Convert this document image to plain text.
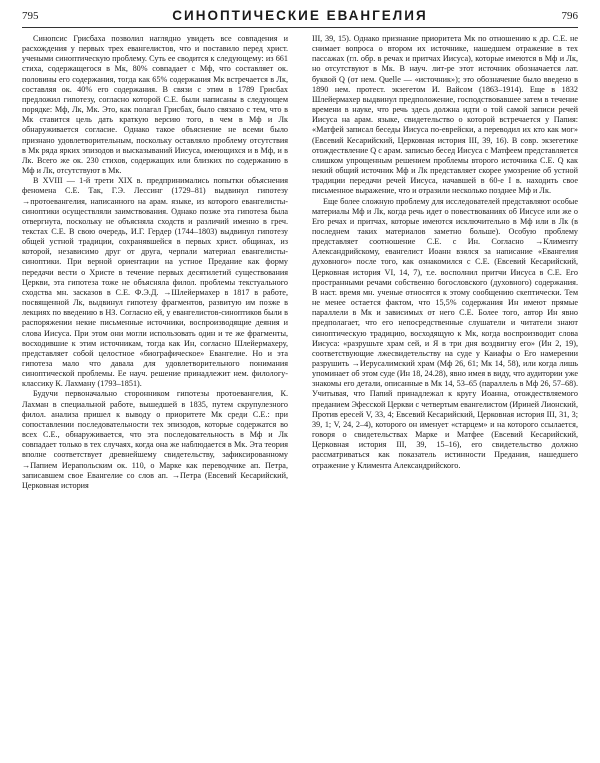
795	СИНОПТИЧЕСКИЕ ЕВАНГЕЛИЯ	796

Синопсис Грисбаха позволил наглядно увидеть все совпадения и расхождения у первых трех евангелистов, что и поставило перед христ. учеными синоптическую проблему. Суть ее сводится к следующему: из 661 стиха, содержащегося в Мк, 80% совпадает с Мф, что составляет ок. половины его содержания, тогда как 65% содержания Мк встречается в Лк, составляя ок. 40% его содержания. В связи с этим в 1789 Грисбах предложил гипотезу, согласно которой С.Е. были написаны в следующем порядке: Мф, Лк, Мк. Это, как полагал Грисбах, было связано с тем, что в Мк ставится цель дать краткую версию того, в чем в Мф и Лк обнаруживается согласие. Однако такое объяснение не всеми было признано удовлетворительным, поскольку оставляло проблему отсутствия в Мк ряда ярких эпизодов и высказываний Иисуса, имеющихся и в Мф, и в Лк. Всего же ок. 230 стихов, содержащих или близких по содержанию в Мф и Лк, отсутствуют в Мк.

В XVIII — 1-й трети XIX в. предпринимались попытки объяснения феномена С.Е. Так, Г.Э. Лессинг (1729–81) выдвинул гипотезу →протоевангелия, написанного на арам. языке, из которого евангелисты-синоптики осуществляли заимствования. Однако позже эта гипотеза была отвергнута, поскольку не объясняла сходств и различий именно в греч. текстах С.Е. В свою очередь, И.Г. Гердер (1744–1803) выдвинул гипотезу общей устной традиции, сохранявшейся в первых христ. общинах, из которой, независимо друг от друга, черпали материал евангелисты-синоптики. При верной ориентации на устное Предание как форму передачи вести о Христе в течение первых десятилетий существования Церкви, эта гипотеза тоже не объясняла филол. проблемы текстуального сходства мн. засказов в С.Е. Ф.Э.Д. →Шлейермахер в 1817 в работе, посвященной Лк, выдвинул гипотезу фрагментов, развитую им позже в лекциях по введению в НЗ. Согласно ей, у евангелистов-синоптиков были в распоряжении некие письменные источники, воспроизводящие деяния и слова Иисуса. При этом они могли использовать один и те же фрагменты, восходившие к этим источникам, тогда как Ин, согласно Шлейермахеру, представляет собой целостное «биографическое» Евангелие. Но и эта гипотеза мало что давала для удовлетворительного понимания синоптической проблемы. Ее науч. решение принадлежит нем. филологу-классику К. Лахману (1793–1851).

Будучи первоначально сторонником гипотезы протоевангелия, К. Лахман в специальной работе, вышедшей в 1835, путем скрупулезного филол. анализа пришел к выводу о приоритете Мк среди С.Е.: при сопоставлении последовательности тех эпизодов, которые содержатся во всех С.Е., обнаруживается, что эта последовательность в Мф и Лк совпадает только в тех случаях, когда она же наблюдается в Мк. Эта теория вполне соответствует древнейшему свидетельству, зафиксированному →Папием Иерапольским ок. 110, о Марке как переводчике ап. Петра, записавшем свое Евангелие со слов ап. →Петра (Евсевий Кесарийский, Церковная история

III, 39, 15). Однако признание приоритета Мк по отношению к др. С.Е. не снимает вопроса о втором их источнике, нашедшем отражение в тех пассажах (гл. обр. в речах и притчах Иисуса), которые имеются в Мф и Лк, но отсутствуют в Мк. В науч. лит-ре этот источник обозначается лат. буквой Q (от нем. Quelle — «источник»); это обозначение было введено в 1890 нем. протест. экзегетом И. Вайсом (1863–1914). Еще в 1832 Шлейермахер выдвинул предположение, господствовавшее затем в течение времени в науке, что речь здесь должна идти о той самой записи речей Иисуса на арам. языке, свидетельство о которой встречается у Папия: «Матфей записал беседы Иисуса по-еврейски, а переводил их кто как мог» (Евсевий Кесарийский, Церковная история III, 39, 16). В совр. экзегетике отождествление Q с арам. записью бесед Иисуса с Матфеем представляется слишком упрощенным решением проблемы второго источника С.Е. Q как некий общий источник Мф и Лк представляет скорее умозрение об устной традиции передачи речей Иисуса, начавшей в 60-е I в. находить свое письменное выражение, что и отразили несколько позднее Мф и Лк.

Еще более сложную проблему для исследователей представляют особые материалы Мф и Лк, когда речь идет о повествованиях об Иисусе или же о Его речах и притчах, которые имеются исключительно в Мф или в Лк (в последнем таких материалов заметно больше). Особую проблему представляет соотношение С.Е. с Ин. Согласно →Клименту Александрийскому, евангелист Иоанн взялся за написание «Евангелия духовного» после того, как ознакомился с С.Е. (Евсевий Кесарийский, Церковная история VI, 14, 7), т.е. восполнил притчи Иисуса в С.Е. Его пространными речами собственно богословского (духовного) содержания. В наст. время мн. ученые относятся к этому сообщению скептически. Тем не менее остается фактом, что 15,5% содержания Ин имеют прямые параллели в Мк и зависимых от него С.Е. Более того, автор Ин явно предполагает, что его непосредственные слушатели и читатели знают синоптическую традицию, восходящую к Мк, когда воспроизводит слова Иисуса: «разрушьте храм сей, и Я в три дня воздвигну его» (Ин 2, 19), соответствующие лжесвидетельству на суде у Каиафы о Его намерении разрушить →Иерусалимский храм (Мф 26, 61; Мк 14, 58), или когда лишь упоминает об этом суде (Ин 18, 24.28), явно имея в виду, что аудитории уже знакомы его детали, описанные в Мк 14, 53–65 (параллель в Мф 26, 57–68). Учитывая, что Папий принадлежал к кругу Иоанна, отождествляемого преданием Эфесской Церкви с четвертым евангелистом (Ириней Лионский, Против ересей V, 33, 4; Евсевий Кесарийский, Церковная история III, 31, 3; 39, 1; V, 24, 2–4), которого он именует «старцем» и на которого ссылается, говоря о свидетельствах Марке и Матфее (Евсевий Кесарийский, Церковная история III, 39, 15–16), его свидетельство должно рассматриваться как показатель истинности Предания, нашедшего отражение у Климента Александрийского.
